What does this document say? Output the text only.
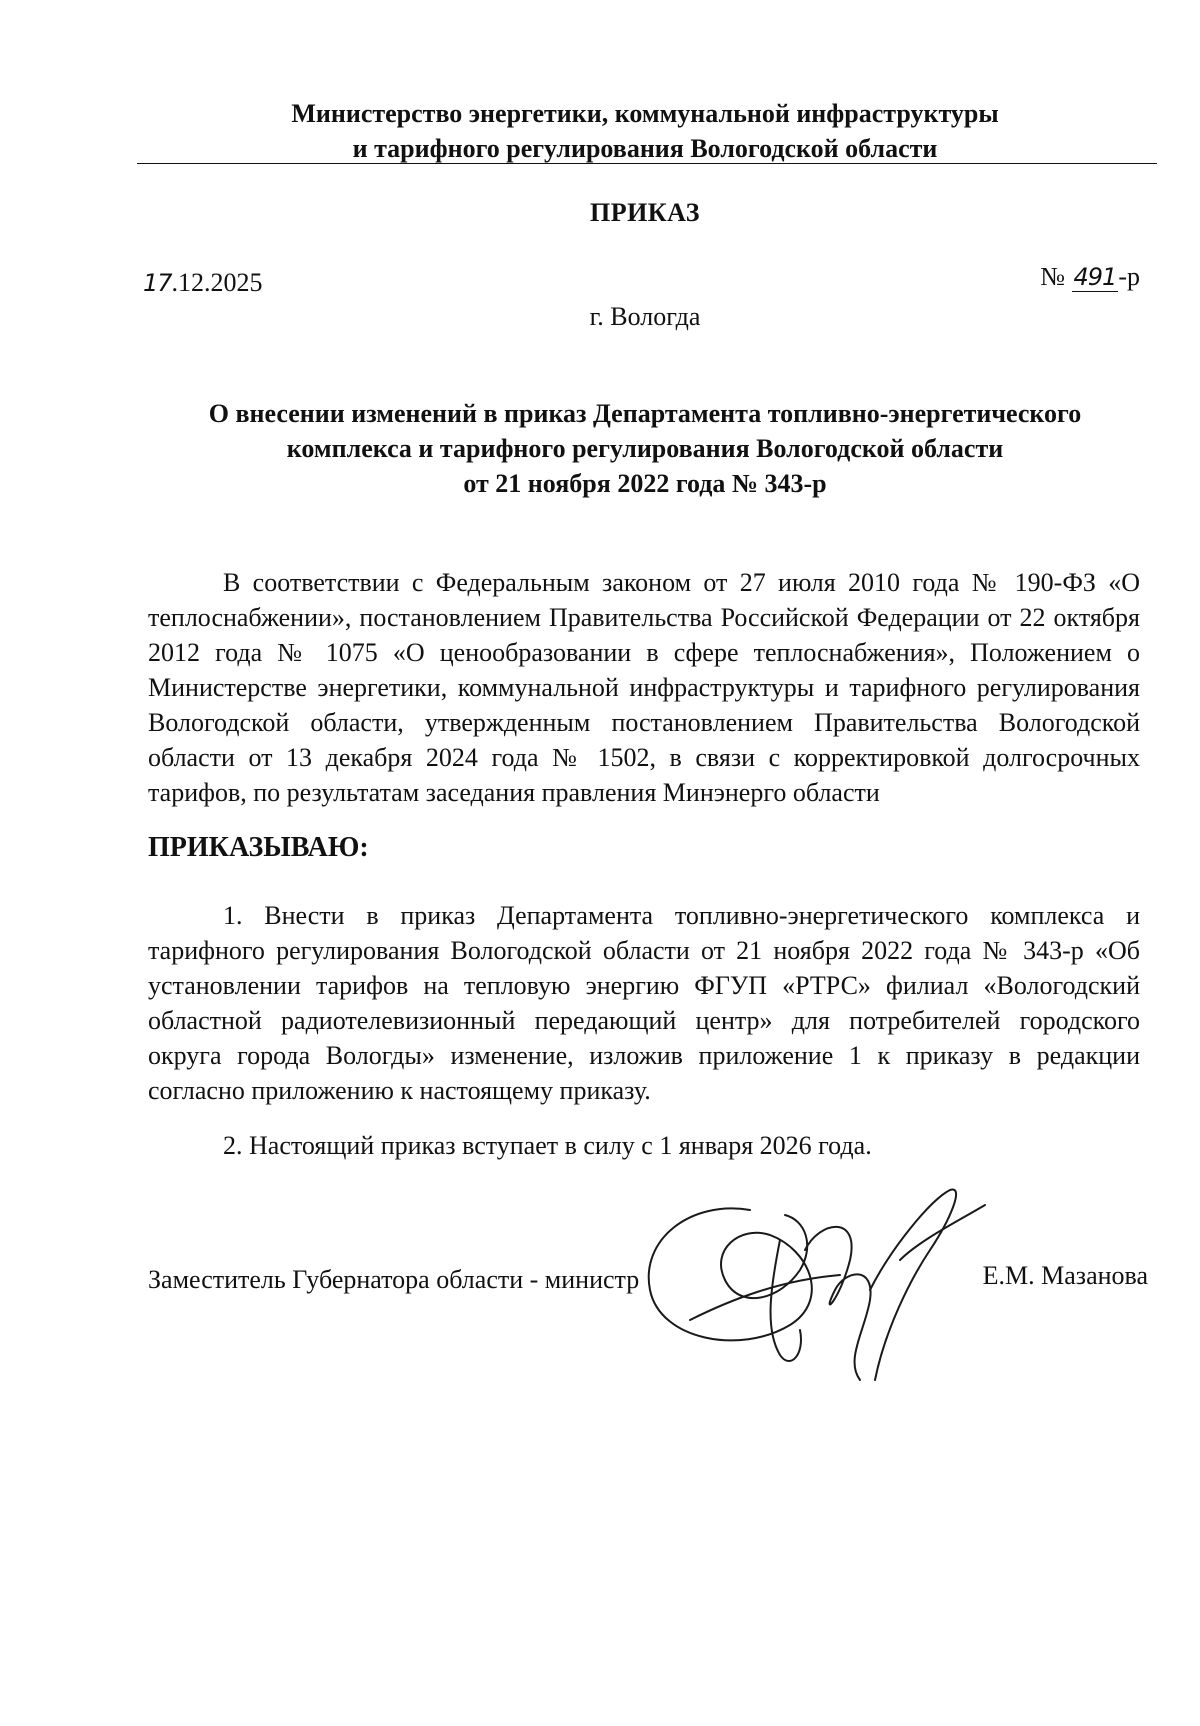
Министерство энергетики, коммунальной инфраструктуры
и тарифного регулирования Вологодской области
ПРИКАЗ
17.12.2025	№ 491-р
г. Вологда
О внесении изменений в приказ Департамента топливно-энергетического
комплекса и тарифного регулирования Вологодской области
от 21 ноября 2022 года № 343-р
В соответствии с Федеральным законом от 27 июля 2010 года № 190-ФЗ «О теплоснабжении», постановлением Правительства Российской Федерации от 22 октября 2012 года № 1075 «О ценообразовании в сфере теплоснабжения», Положением о Министерстве энергетики, коммунальной инфраструктуры и тарифного регулирования Вологодской области, утвержденным постановлением Правительства Вологодской области от 13 декабря 2024 года № 1502, в связи с корректировкой долгосрочных тарифов, по результатам заседания правления Минэнерго области
ПРИКАЗЫВАЮ:
1. Внести в приказ Департамента топливно-энергетического комплекса и тарифного регулирования Вологодской области от 21 ноября 2022 года № 343-р «Об установлении тарифов на тепловую энергию ФГУП «РТРС» филиал «Вологодский областной радиотелевизионный передающий центр» для потребителей городского округа города Вологды» изменение, изложив приложение 1 к приказу в редакции согласно приложению к настоящему приказу.
2. Настоящий приказ вступает в силу с 1 января 2026 года.
Заместитель Губернатора области - министр	Е.М. Мазанова
